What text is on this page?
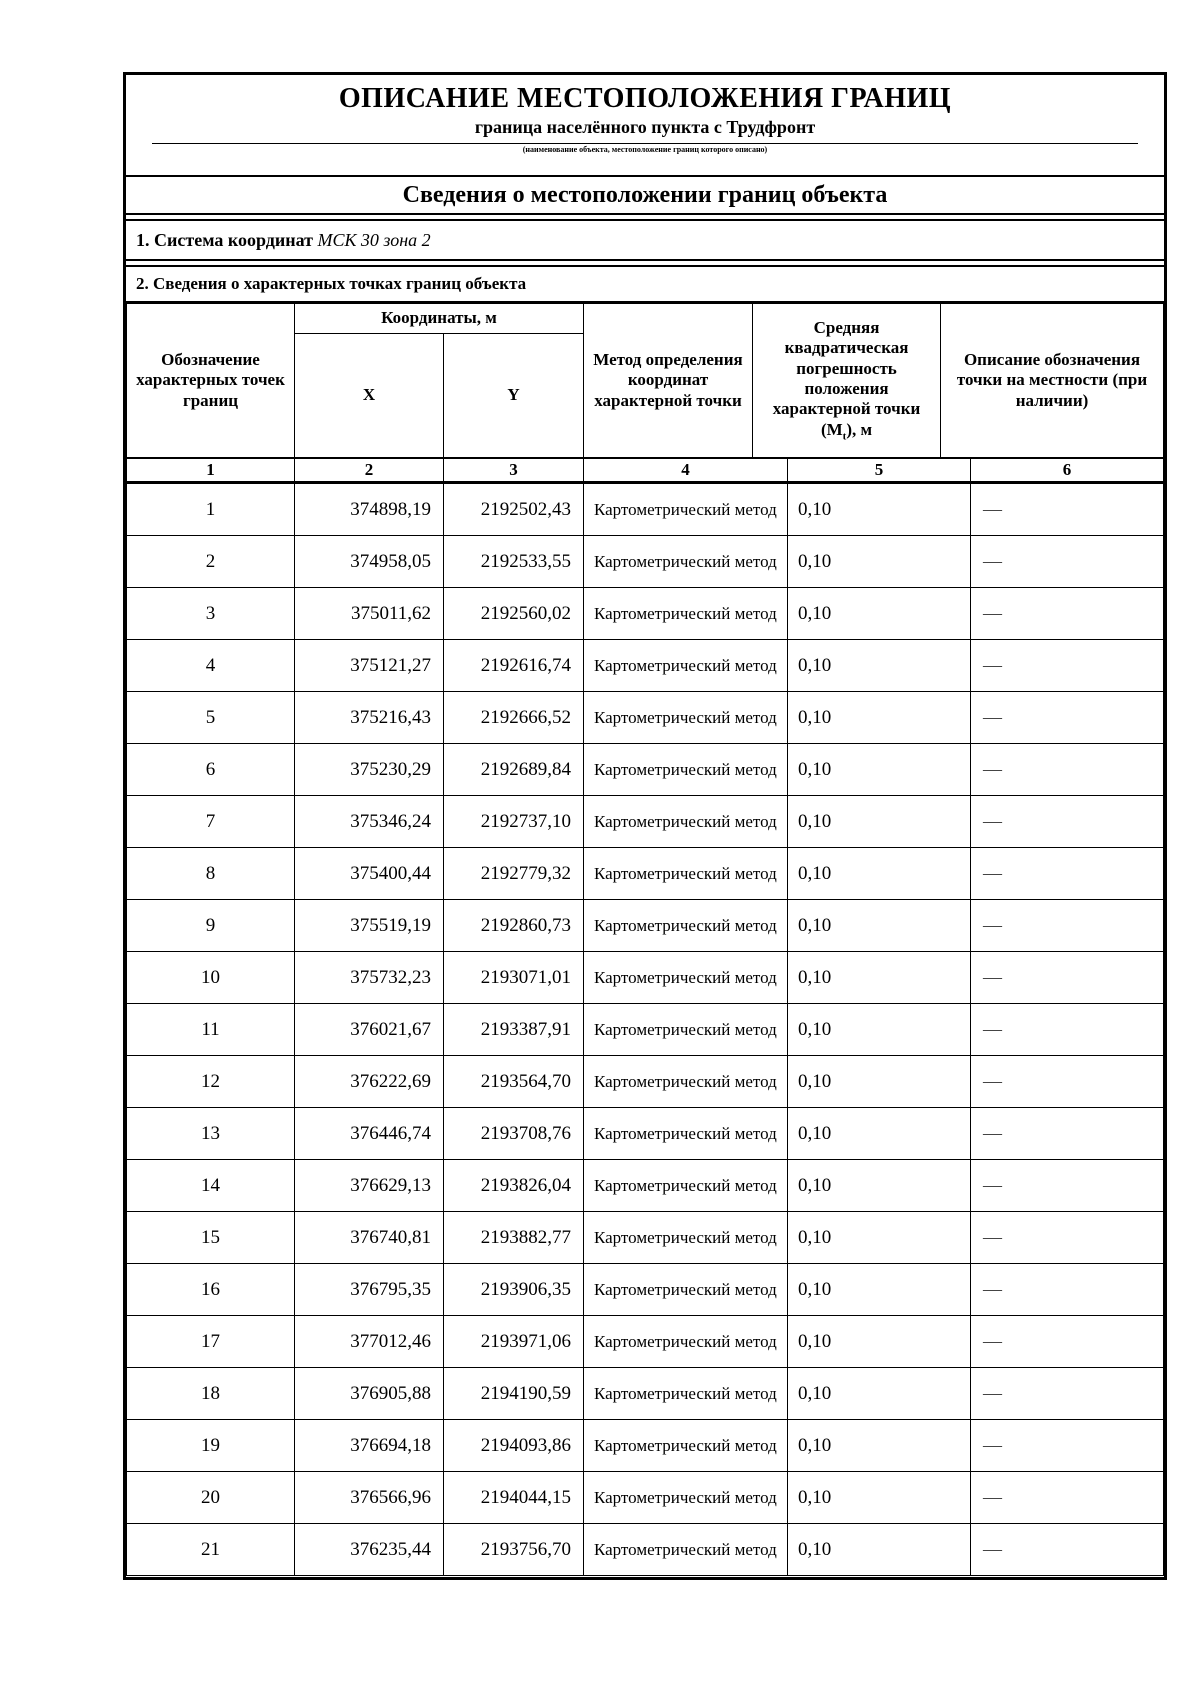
ОПИСАНИЕ МЕСТОПОЛОЖЕНИЯ ГРАНИЦ
граница населённого пункта с Трудфронт
(наименование объекта, местоположение границ которого описано)
Сведения о местоположении границ объекта
1. Система координат МСК 30 зона 2
2. Сведения о характерных точках границ объекта
Обозначение характерных точек границ	Координаты, м		Метод определения координат характерной точки	Средняя квадратическая погрешность положения характерной точки $(M_t)$, м	Описание обозначения точки на местности (при наличии)
	X	Y			
1	2	3	4	5	6
1	374898,19	2192502,43	Картометрический метод	0,10	—
2	374958,05	2192533,55	Картометрический метод	0,10	—
3	375011,62	2192560,02	Картометрический метод	0,10	—
4	375121,27	2192616,74	Картометрический метод	0,10	—
5	375216,43	2192666,52	Картометрический метод	0,10	—
6	375230,29	2192689,84	Картометрический метод	0,10	—
7	375346,24	2192737,10	Картометрический метод	0,10	—
8	375400,44	2192779,32	Картометрический метод	0,10	—
9	375519,19	2192860,73	Картометрический метод	0,10	—
10	375732,23	2193071,01	Картометрический метод	0,10	—
11	376021,67	2193387,91	Картометрический метод	0,10	—
12	376222,69	2193564,70	Картометрический метод	0,10	—
13	376446,74	2193708,76	Картометрический метод	0,10	—
14	376629,13	2193826,04	Картометрический метод	0,10	—
15	376740,81	2193882,77	Картометрический метод	0,10	—
16	376795,35	2193906,35	Картометрический метод	0,10	—
17	377012,46	2193971,06	Картометрический метод	0,10	—
18	376905,88	2194190,59	Картометрический метод	0,10	—
19	376694,18	2194093,86	Картометрический метод	0,10	—
20	376566,96	2194044,15	Картометрический метод	0,10	—
21	376235,44	2193756,70	Картометрический метод	0,10	—
